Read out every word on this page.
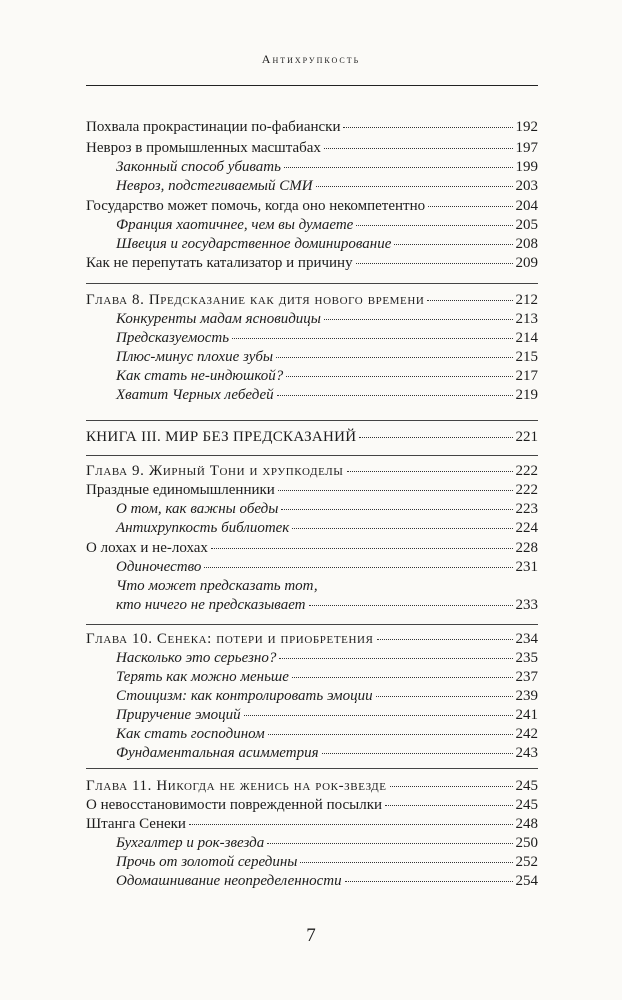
Антихрупкость
Похвала прокрастинации по-фабиански	192
Невроз в промышленных масштабах	197
Законный способ убивать	199
Невроз, подстегиваемый СМИ	203
Государство может помочь, когда оно некомпетентно	204
Франция хаотичнее, чем вы думаете	205
Швеция и государственное доминирование	208
Как не перепутать катализатор и причину	209
Глава 8. Предсказание как дитя нового времени	212
Конкуренты мадам ясновидицы	213
Предсказуемость	214
Плюс-минус плохие зубы	215
Как стать не-индюшкой?	217
Хватит Черных лебедей	219
КНИГА III. МИР БЕЗ ПРЕДСКАЗАНИЙ	221
Глава 9. Жирный Тони и хрупкоделы	222
Праздные единомышленники	222
О том, как важны обеды	223
Антихрупкость библиотек	224
О лохах и не-лохах	228
Одиночество	231
Что может предсказать тот,
кто ничего не предсказывает	233
Глава 10. Сенека: потери и приобретения	234
Насколько это серьезно?	235
Терять как можно меньше	237
Стоицизм: как контролировать эмоции	239
Приручение эмоций	241
Как стать господином	242
Фундаментальная асимметрия	243
Глава 11. Никогда не женись на рок-звезде	245
О невосстановимости поврежденной посылки	245
Штанга Сенеки	248
Бухгалтер и рок-звезда	250
Прочь от золотой середины	252
Одомашнивание неопределенности	254
7
